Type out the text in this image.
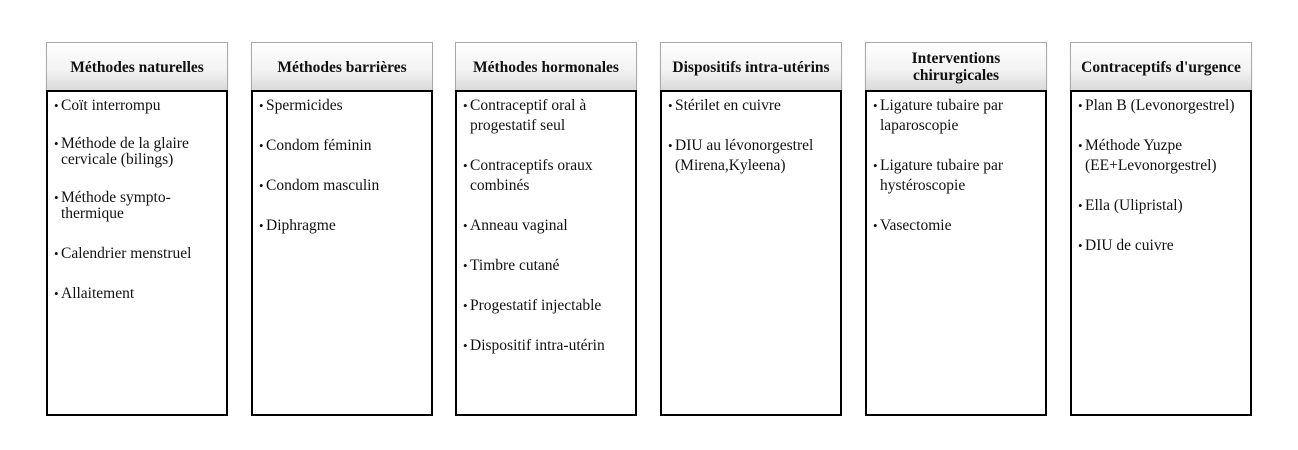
Méthodes naturelles
• Coït interrompu
• Méthode de la glaire cervicale (bilings)
• Méthode sympto-thermique
• Calendrier menstruel
• Allaitement
Méthodes barrières
• Spermicides
• Condom féminin
• Condom masculin
• Diphragme
Méthodes hormonales
• Contraceptif oral à progestatif seul
• Contraceptifs oraux combinés
• Anneau vaginal
• Timbre cutané
• Progestatif injectable
• Dispositif intra-utérin
Dispositifs intra-utérins
• Stérilet en cuivre
• DIU au lévonorgestrel (Mirena,Kyleena)
Interventions chirurgicales
• Ligature tubaire par laparoscopie
• Ligature tubaire par hystéroscopie
• Vasectomie
Contraceptifs d'urgence
• Plan B (Levonorgestrel)
• Méthode Yuzpe (EE+Levonorgestrel)
• Ella (Ulipristal)
• DIU de cuivre
